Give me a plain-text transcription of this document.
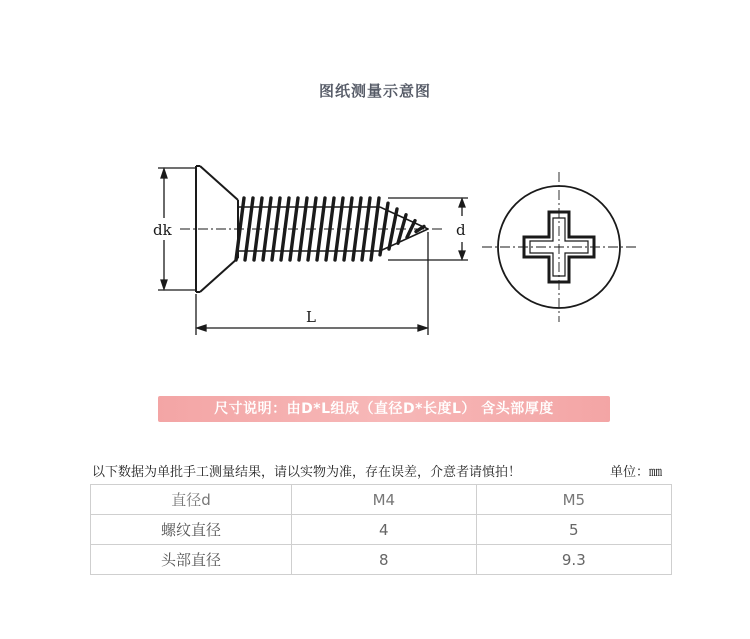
图纸测量示意图
dk	d
L
尺寸说明：由D*L组成（直径D*长度L） 含头部厚度
以下数据为单批手工测量结果，请以实物为准，存在误差，介意者请慎拍！	单位：㎜
直径d	M4	M5
螺纹直径	4	5
头部直径	8	9.3
